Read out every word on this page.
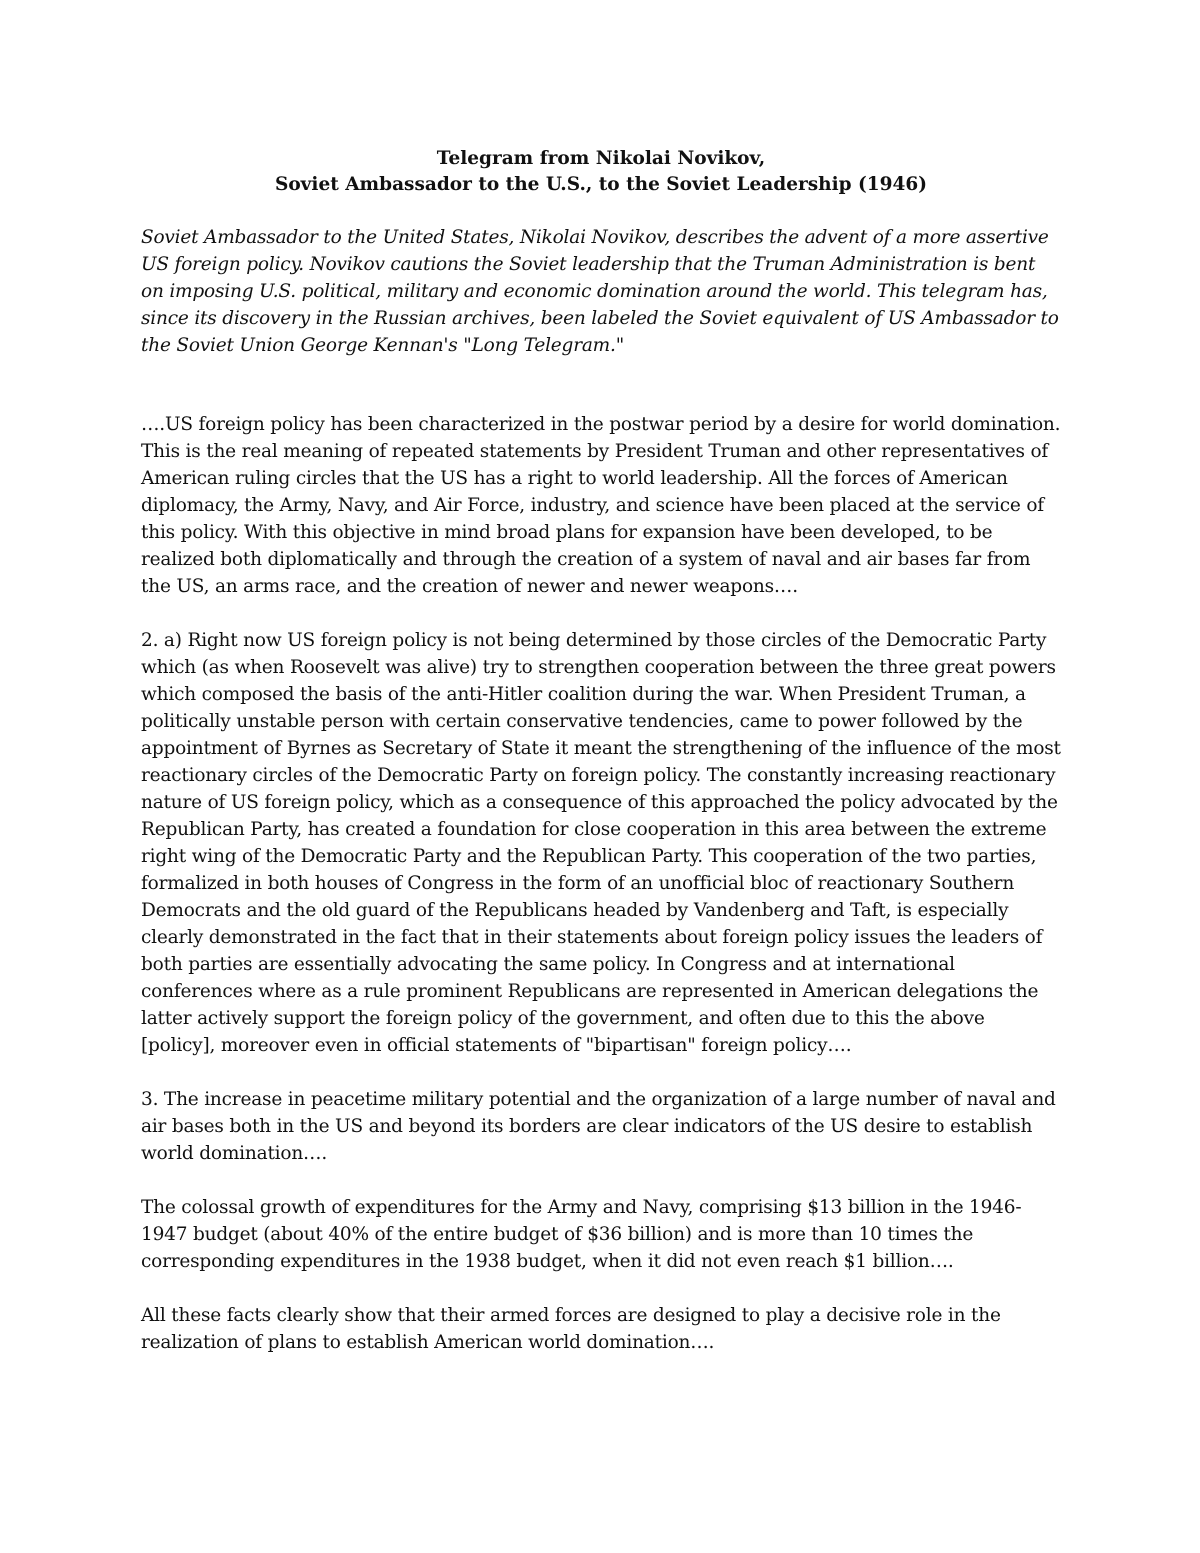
Telegram from Nikolai Novikov,
Soviet Ambassador to the U.S., to the Soviet Leadership (1946)

Soviet Ambassador to the United States, Nikolai Novikov, describes the advent of a more assertive US foreign policy. Novikov cautions the Soviet leadership that the Truman Administration is bent on imposing U.S. political, military and economic domination around the world. This telegram has, since its discovery in the Russian archives, been labeled the Soviet equivalent of US Ambassador to the Soviet Union George Kennan's "Long Telegram."

….US foreign policy has been characterized in the postwar period by a desire for world domination. This is the real meaning of repeated statements by President Truman and other representatives of American ruling circles that the US has a right to world leadership. All the forces of American diplomacy, the Army, Navy, and Air Force, industry, and science have been placed at the service of this policy. With this objective in mind broad plans for expansion have been developed, to be realized both diplomatically and through the creation of a system of naval and air bases far from the US, an arms race, and the creation of newer and newer weapons….

2. a) Right now US foreign policy is not being determined by those circles of the Democratic Party which (as when Roosevelt was alive) try to strengthen cooperation between the three great powers which composed the basis of the anti-Hitler coalition during the war. When President Truman, a politically unstable person with certain conservative tendencies, came to power followed by the appointment of Byrnes as Secretary of State it meant the strengthening of the influence of the most reactionary circles of the Democratic Party on foreign policy. The constantly increasing reactionary nature of US foreign policy, which as a consequence of this approached the policy advocated by the Republican Party, has created a foundation for close cooperation in this area between the extreme right wing of the Democratic Party and the Republican Party. This cooperation of the two parties, formalized in both houses of Congress in the form of an unofficial bloc of reactionary Southern Democrats and the old guard of the Republicans headed by Vandenberg and Taft, is especially clearly demonstrated in the fact that in their statements about foreign policy issues the leaders of both parties are essentially advocating the same policy. In Congress and at international conferences where as a rule prominent Republicans are represented in American delegations the latter actively support the foreign policy of the government, and often due to this the above [policy], moreover even in official statements of "bipartisan" foreign policy….

3. The increase in peacetime military potential and the organization of a large number of naval and air bases both in the US and beyond its borders are clear indicators of the US desire to establish world domination….

The colossal growth of expenditures for the Army and Navy, comprising $13 billion in the 1946-1947 budget (about 40% of the entire budget of $36 billion) and is more than 10 times the corresponding expenditures in the 1938 budget, when it did not even reach $1 billion….

All these facts clearly show that their armed forces are designed to play a decisive role in the realization of plans to establish American world domination….
